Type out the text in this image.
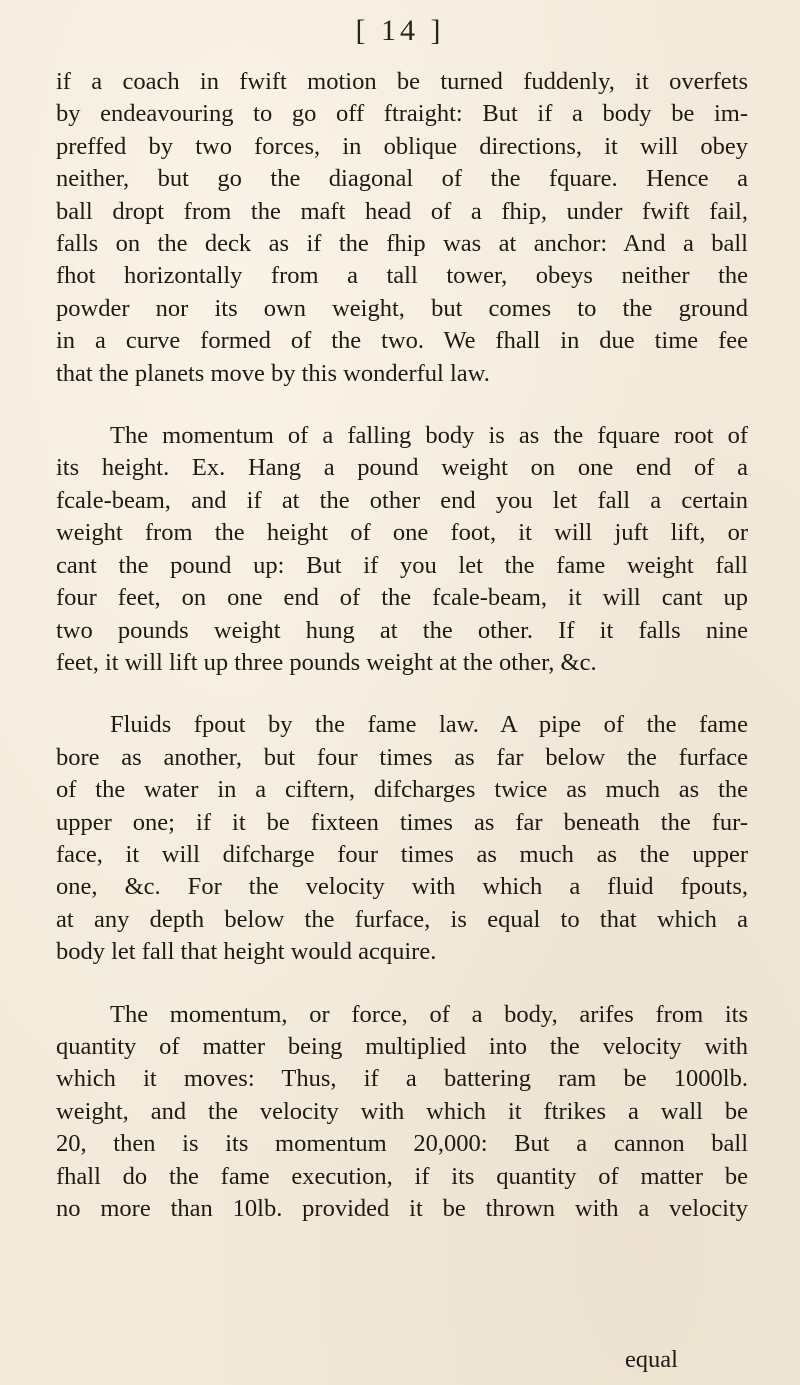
[ 14 ]

if a coach in fwift motion be turned fuddenly, it overfets
by endeavouring to go off ftraight: But if a body be im-
preffed by two forces, in oblique directions, it will obey
neither, but go the diagonal of the fquare. Hence a
ball dropt from the maft head of a fhip, under fwift fail,
falls on the deck as if the fhip was at anchor: And a ball
fhot horizontally from a tall tower, obeys neither the
powder nor its own weight, but comes to the ground
in a curve formed of the two. We fhall in due time fee
that the planets move by this wonderful law.

The momentum of a falling body is as the fquare root of
its height. Ex. Hang a pound weight on one end of a
fcale-beam, and if at the other end you let fall a certain
weight from the height of one foot, it will juft lift, or
cant the pound up: But if you let the fame weight fall
four feet, on one end of the fcale-beam, it will cant up
two pounds weight hung at the other. If it falls nine
feet, it will lift up three pounds weight at the other, &c.

Fluids fpout by the fame law. A pipe of the fame
bore as another, but four times as far below the furface
of the water in a ciftern, difcharges twice as much as the
upper one; if it be fixteen times as far beneath the fur-
face, it will difcharge four times as much as the upper
one, &c. For the velocity with which a fluid fpouts,
at any depth below the furface, is equal to that which a
body let fall that height would acquire.

The momentum, or force, of a body, arifes from its
quantity of matter being multiplied into the velocity with
which it moves: Thus, if a battering ram be 1000lb.
weight, and the velocity with which it ftrikes a wall be
20, then is its momentum 20,000: But a cannon ball
fhall do the fame execution, if its quantity of matter be
no more than 10lb. provided it be thrown with a velocity

equal
